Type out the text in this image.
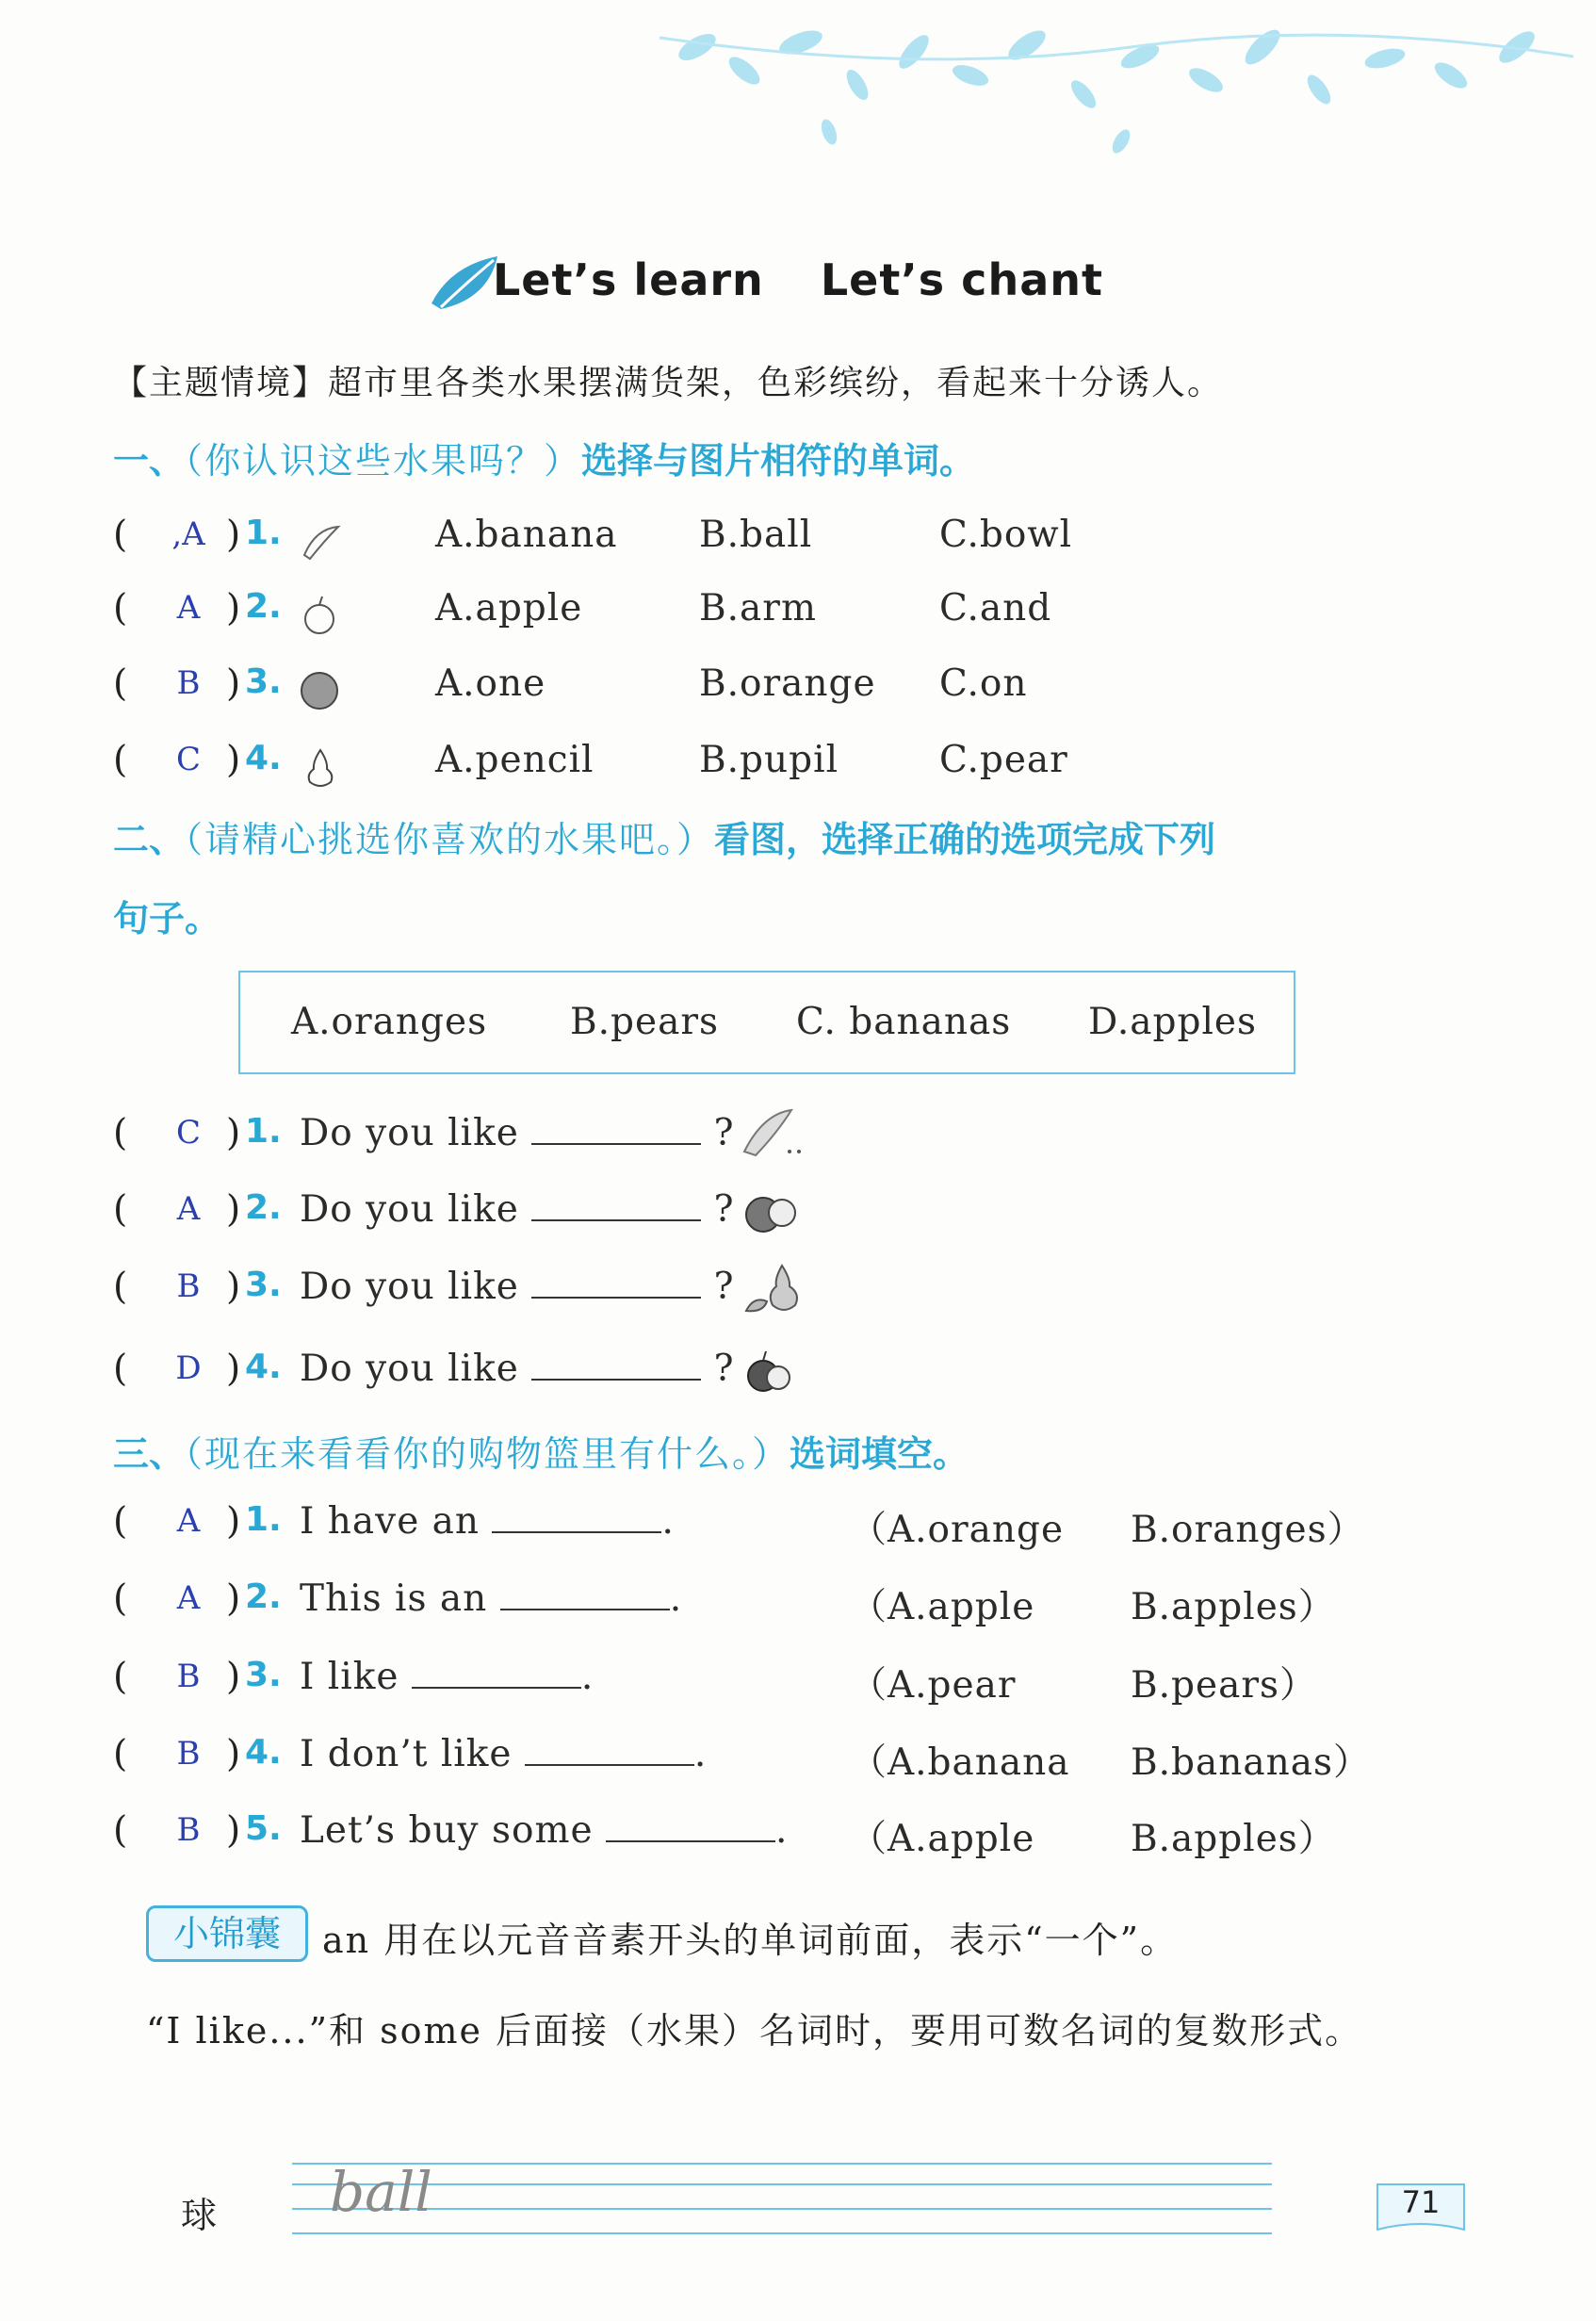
Let’s learn Let’s chant
【主题情境】超市里各类水果摆满货架，色彩缤纷，看起来十分诱人。
一、（你认识这些水果吗？）选择与图片相符的单词。
( ,A ) 1.	A.banana B.ball	C.bowl
(	A ) 2.	A.apple	B.arm	C.and
(	B ) 3.	A.one	B.orange C.on
(	C ) 4.	A.pencil	B.pupil	C.pear
二、（请精心挑选你喜欢的水果吧。）看图，选择正确的选项完成下列
句子。
A.oranges B.pears C. bananas D.apples
(	C ) 1. Do you like	?
(	A ) 2. Do you like	?
(	B ) 3. Do you like	?
(	D ) 4. Do you like	?
三、（现在来看看你的购物篮里有什么。）选词填空。
(	A ) 1. I have an	.	（A.orange B.oranges）
(	A ) 2. This is an	.	（A.apple	B.apples）
(	B ) 3. I like	.	（A.pear	B.pears）
(	B ) 4. I don’t like	.	（A.banana B.bananas）
(	B ) 5. Let’s buy some	. （A.apple	B.apples）
小锦囊	an 用在以元音音素开头的单词前面，表示“一个”。
“I like...”和 some 后面接（水果）名词时，要用可数名词的复数形式。
球 ball	71
